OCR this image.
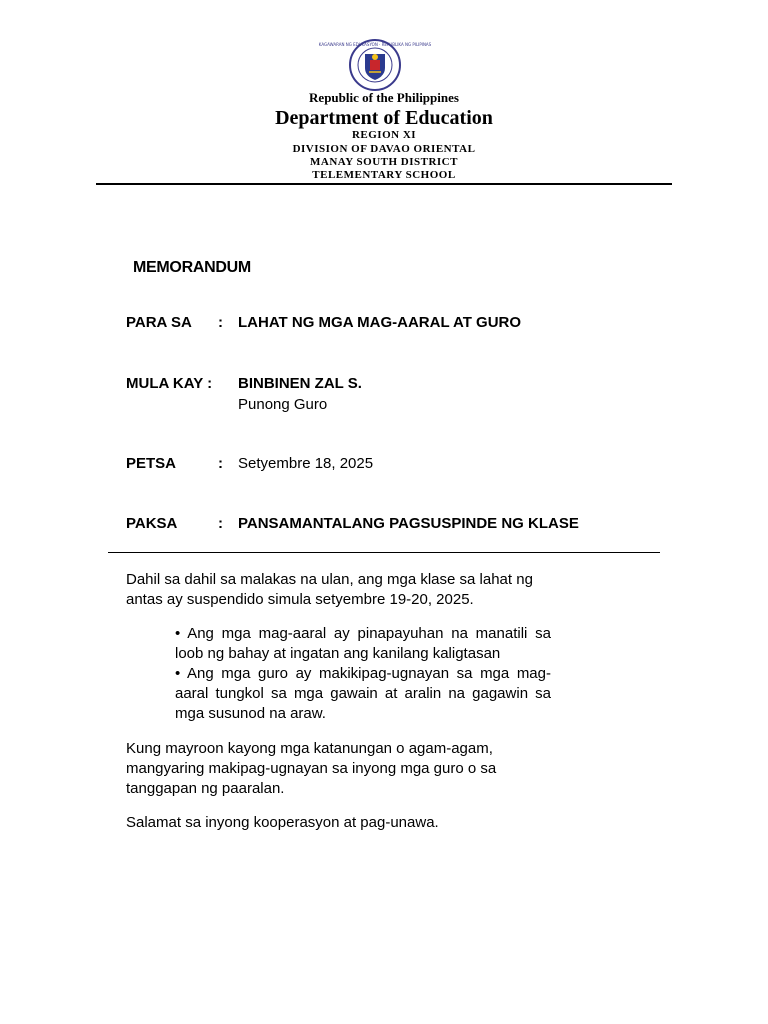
KAGAWARAN NG EDUKASYON · REPUBLIKA NG PILIPINAS
Republic of the Philippines
Department of Education
REGION XI
DIVISION OF DAVAO ORIENTAL
MANAY SOUTH DISTRICT
TELEMENTARY SCHOOL
MEMORANDUM
PARA SA : LAHAT NG MGA MAG-AARAL AT GURO
MULA KAY : BINBINEN ZAL S.
Punong Guro
PETSA	: Setyembre 18, 2025
PAKSA	: PANSAMANTALANG PAGSUSPINDE NG KLASE
Dahil sa dahil sa malakas na ulan, ang mga klase sa lahat ng antas ay suspendido simula setyembre 19-20, 2025.

• Ang mga mag-aaral ay pinapayuhan na manatili sa loob ng bahay at ingatan ang kanilang kaligtasan

• Ang mga guro ay makikipag-ugnayan sa mga mag-aaral tungkol sa mga gawain at aralin na gagawin sa mga susunod na araw.

Kung mayroon kayong mga katanungan o agam-agam, mangyaring makipag-ugnayan sa inyong mga guro o sa tanggapan ng paaralan.
Salamat sa inyong kooperasyon at pag-unawa.
